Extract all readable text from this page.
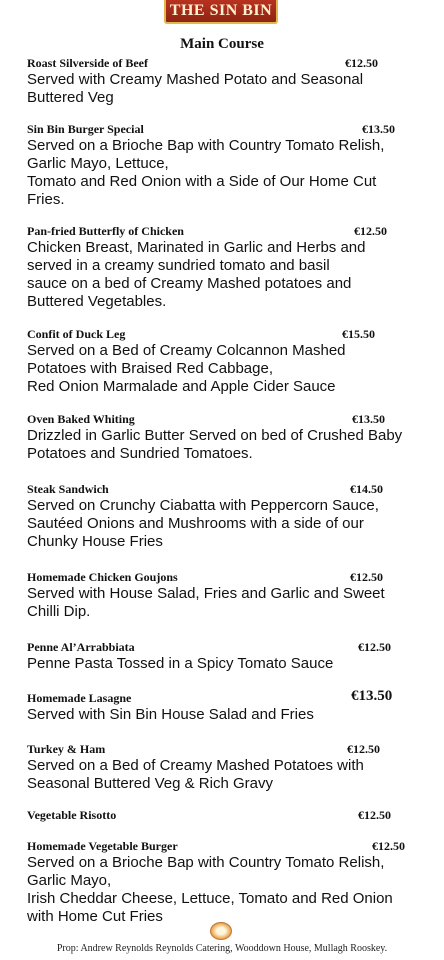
THE SIN BIN
Main Course
Roast Silverside of Beef	€12.50
Served with Creamy Mashed Potato and Seasonal
Buttered Veg
Sin Bin Burger Special	€13.50
Served on a Brioche Bap with Country Tomato Relish,
Garlic Mayo, Lettuce,
Tomato and Red Onion with a Side of Our Home Cut
Fries.
Pan-fried Butterfly of Chicken	€12.50
Chicken Breast, Marinated in Garlic and Herbs and
served in a creamy sundried tomato and basil
sauce on a bed of Creamy Mashed potatoes and
Buttered Vegetables.
Confit of Duck Leg	€15.50
Served on a Bed of Creamy Colcannon Mashed
Potatoes with Braised Red Cabbage,
Red Onion Marmalade and Apple Cider Sauce
Oven Baked Whiting	€13.50
Drizzled in Garlic Butter Served on bed of Crushed Baby
Potatoes and Sundried Tomatoes.
Steak Sandwich	€14.50
Served on Crunchy Ciabatta with Peppercorn Sauce,
Sautéed Onions and Mushrooms with a side of our
Chunky House Fries
Homemade Chicken Goujons	€12.50
Served with House Salad, Fries and Garlic and Sweet
Chilli Dip.
Penne Al’Arrabbiata	€12.50
Penne Pasta Tossed in a Spicy Tomato Sauce
Homemade Lasagne	€13.50
Served with Sin Bin House Salad and Fries
Turkey & Ham	€12.50
Served on a Bed of Creamy Mashed Potatoes with
Seasonal Buttered Veg & Rich Gravy
Vegetable Risotto	€12.50
Homemade Vegetable Burger	€12.50
Served on a Brioche Bap with Country Tomato Relish,
Garlic Mayo,
Irish Cheddar Cheese, Lettuce, Tomato and Red Onion
with Home Cut Fries
Prop: Andrew Reynolds Reynolds Catering, Wooddown House, Mullagh Rooskey.
